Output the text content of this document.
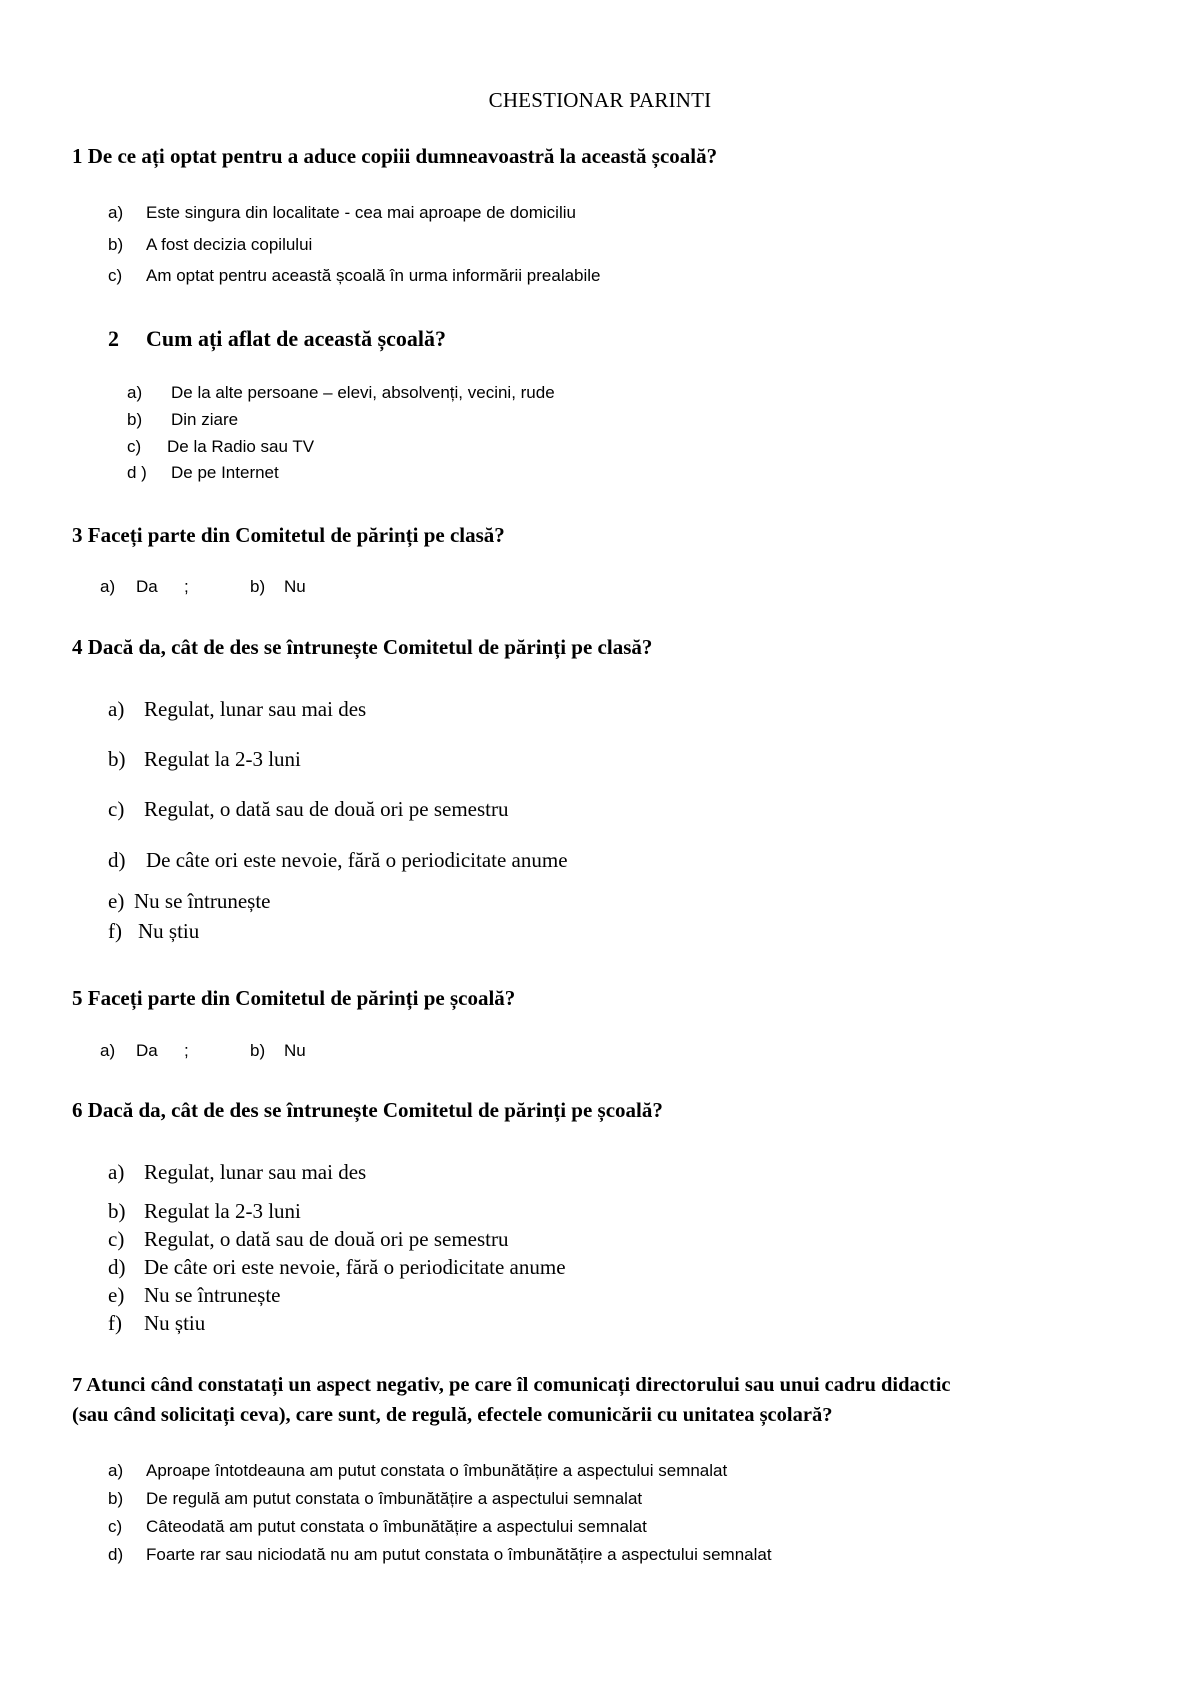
CHESTIONAR PARINTI
1 De ce ați optat pentru a aduce copiii dumneavoastră la această școală?
a) Este singura din localitate - cea mai aproape de domiciliu
b) A fost decizia copilului
c) Am optat pentru această școală în urma informării prealabile
2 Cum ați aflat de această școală?
a) De la alte persoane – elevi, absolvenți, vecini, rude
b) Din ziare
c) De la Radio sau TV
d ) De pe Internet
3 Faceți parte din Comitetul de părinți pe clasă?
a) Da ;	b) Nu
4 Dacă da, cât de des se întrunește Comitetul de părinți pe clasă?
a) Regulat, lunar sau mai des
b) Regulat la 2-3 luni
c) Regulat, o dată sau de două ori pe semestru
d) De câte ori este nevoie, fără o periodicitate anume
e) Nu se întrunește
f) Nu știu
5 Faceți parte din Comitetul de părinți pe școală?
a) Da ;	b) Nu
6 Dacă da, cât de des se întrunește Comitetul de părinți pe școală?
a) Regulat, lunar sau mai des
b) Regulat la 2-3 luni
c) Regulat, o dată sau de două ori pe semestru
d) De câte ori este nevoie, fără o periodicitate anume
e) Nu se întrunește
f) Nu știu
7 Atunci când constatați un aspect negativ, pe care îl comunicați directorului sau unui cadru didactic
(sau când solicitați ceva), care sunt, de regulă, efectele comunicării cu unitatea școlară?
a) Aproape întotdeauna am putut constata o îmbunătățire a aspectului semnalat
b) De regulă am putut constata o îmbunătățire a aspectului semnalat
c) Câteodată am putut constata o îmbunătățire a aspectului semnalat
d) Foarte rar sau niciodată nu am putut constata o îmbunătățire a aspectului semnalat
